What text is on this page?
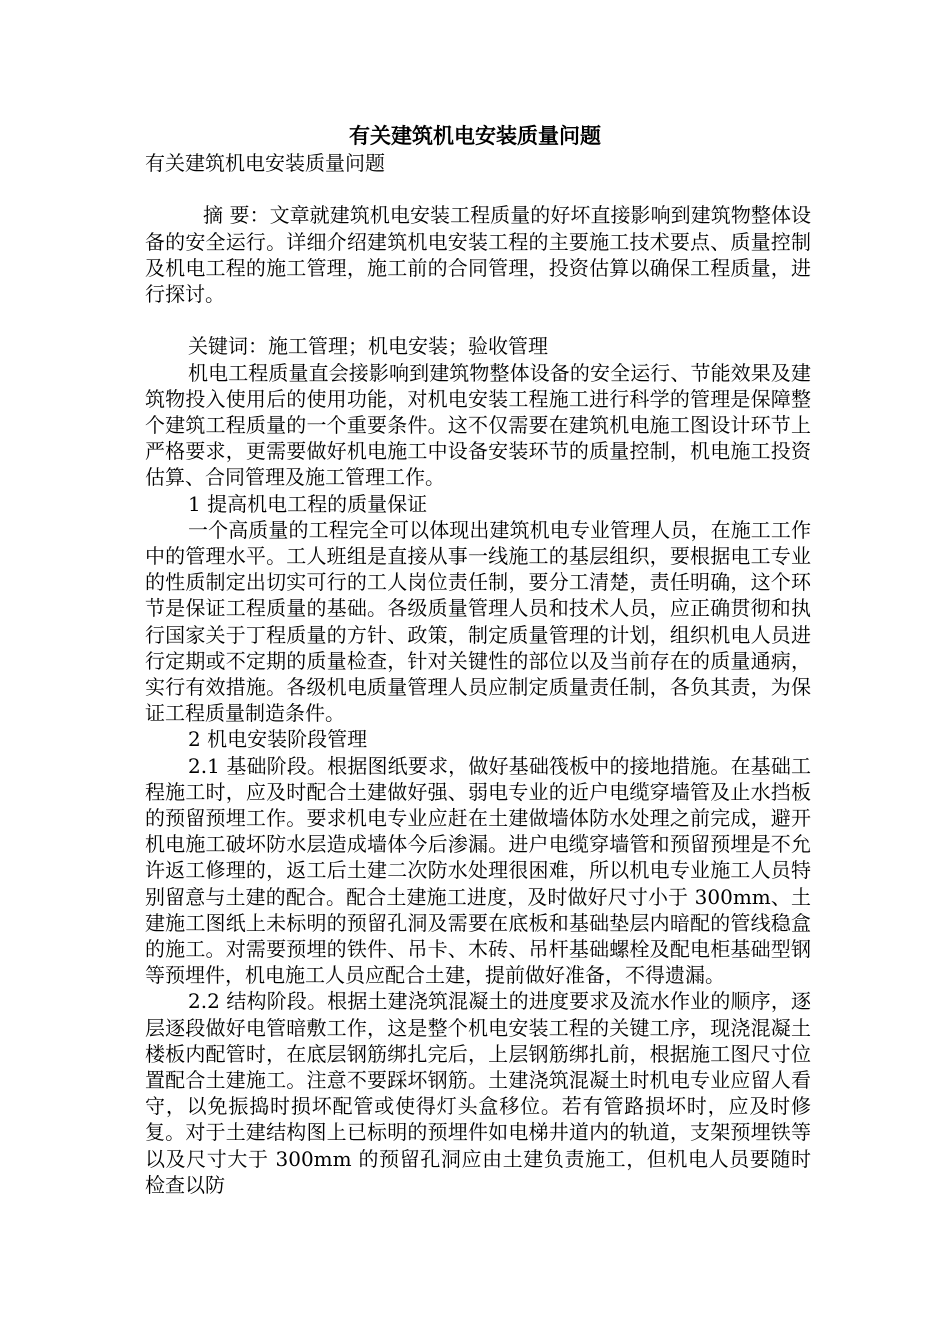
有关建筑机电安装质量问题

有关建筑机电安装质量问题

摘 要：文章就建筑机电安装工程质量的好坏直接影响到建筑物整体设备的安全运行。详细介绍建筑机电安装工程的主要施工技术要点、质量控制及机电工程的施工管理，施工前的合同管理，投资估算以确保工程质量，进行探讨。

关键词：施工管理；机电安装；验收管理

机电工程质量直会接影响到建筑物整体设备的安全运行、节能效果及建筑物投入使用后的使用功能，对机电安装工程施工进行科学的管理是保障整个建筑工程质量的一个重要条件。这不仅需要在建筑机电施工图设计环节上严格要求，更需要做好机电施工中设备安装环节的质量控制，机电施工投资估算、合同管理及施工管理工作。

1 提高机电工程的质量保证

一个高质量的工程完全可以体现出建筑机电专业管理人员，在施工工作中的管理水平。工人班组是直接从事一线施工的基层组织，要根据电工专业的性质制定出切实可行的工人岗位责任制，要分工清楚，责任明确，这个环节是保证工程质量的基础。各级质量管理人员和技术人员，应正确贯彻和执行国家关于丁程质量的方针、政策，制定质量管理的计划，组织机电人员进行定期或不定期的质量检查，针对关键性的部位以及当前存在的质量通病，实行有效措施。各级机电质量管理人员应制定质量责任制，各负其责，为保证工程质量制造条件。

2 机电安装阶段管理

2.1 基础阶段。根据图纸要求，做好基础筏板中的接地措施。在基础工程施工时，应及时配合土建做好强、弱电专业的近户电缆穿墙管及止水挡板的预留预埋工作。要求机电专业应赶在土建做墙体防水处理之前完成，避开机电施工破坏防水层造成墙体今后渗漏。进户电缆穿墙管和预留预埋是不允许返工修理的，返工后土建二次防水处理很困难，所以机电专业施工人员特别留意与土建的配合。配合土建施工进度，及时做好尺寸小于 300mm、土建施工图纸上未标明的预留孔洞及需要在底板和基础垫层内暗配的管线稳盒的施工。对需要预埋的铁件、吊卡、木砖、吊杆基础螺栓及配电柜基础型钢等预埋件，机电施工人员应配合土建，提前做好准备，不得遗漏。

2.2 结构阶段。根据土建浇筑混凝土的进度要求及流水作业的顺序，逐层逐段做好电管暗敷工作，这是整个机电安装工程的关键工序，现浇混凝土楼板内配管时，在底层钢筋绑扎完后，上层钢筋绑扎前，根据施工图尺寸位置配合土建施工。注意不要踩坏钢筋。土建浇筑混凝土时机电专业应留人看守，以免振捣时损坏配管或使得灯头盒移位。若有管路损坏时，应及时修复。对于土建结构图上已标明的预埋件如电梯井道内的轨道，支架预埋铁等以及尺寸大于 300mm 的预留孔洞应由土建负责施工，但机电人员要随时检查以防
